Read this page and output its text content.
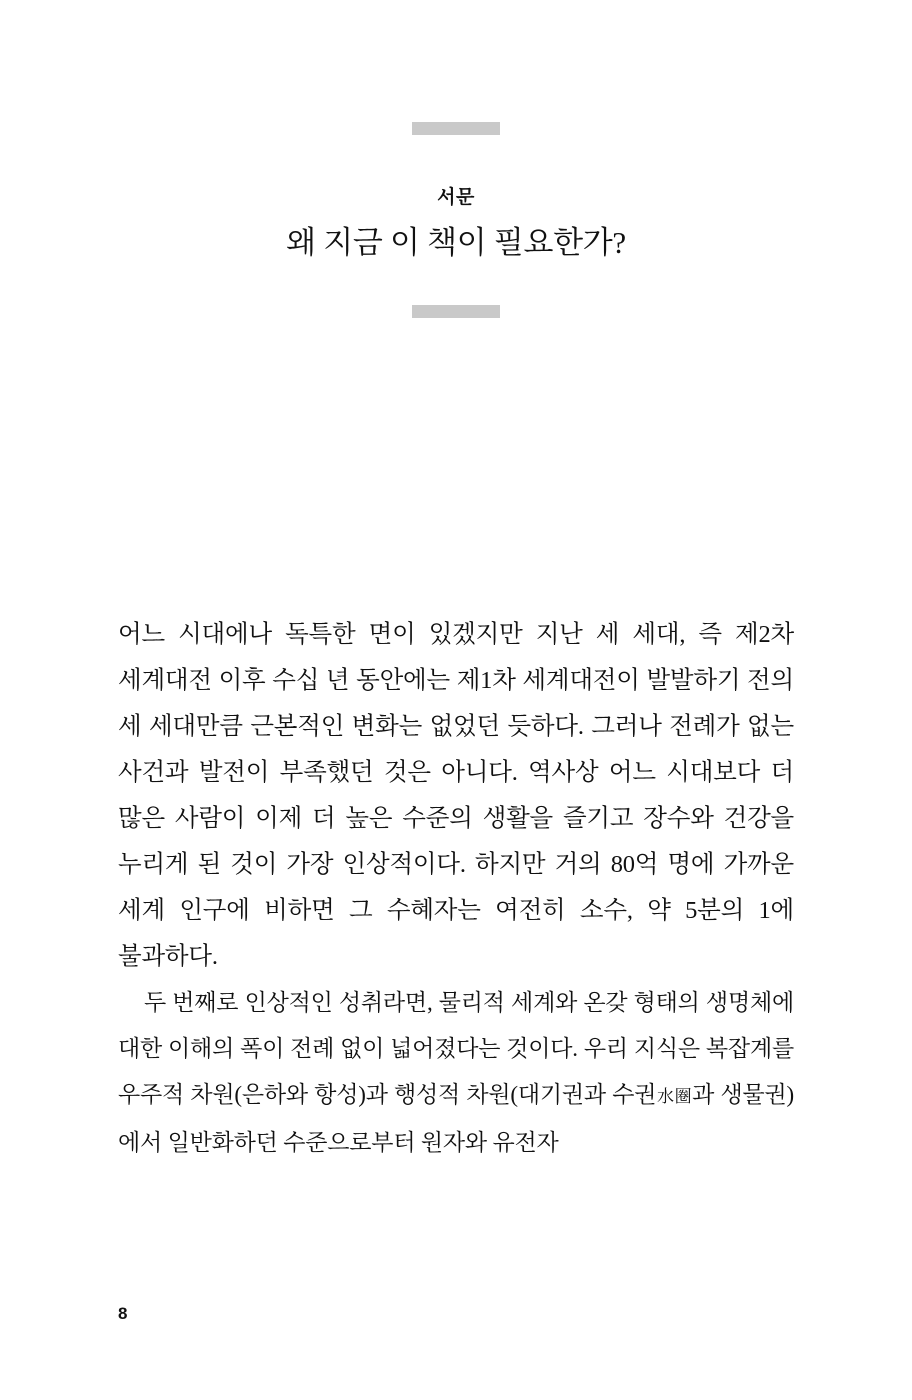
서문
왜 지금 이 책이 필요한가?

어느 시대에나 독특한 면이 있겠지만 지난 세 세대, 즉 제2차 세계대전 이후 수십 년 동안에는 제1차 세계대전이 발발하기 전의 세 세대만큼 근본적인 변화는 없었던 듯하다. 그러나 전례가 없는 사건과 발전이 부족했던 것은 아니다. 역사상 어느 시대보다 더 많은 사람이 이제 더 높은 수준의 생활을 즐기고 장수와 건강을 누리게 된 것이 가장 인상적이다. 하지만 거의 80억 명에 가까운 세계 인구에 비하면 그 수혜자는 여전히 소수, 약 5분의 1에 불과하다.

두 번째로 인상적인 성취라면, 물리적 세계와 온갖 형태의 생명체에 대한 이해의 폭이 전례 없이 넓어졌다는 것이다. 우리 지식은 복잡계를 우주적 차원(은하와 항성)과 행성적 차원(대기권과 수권水圈과 생물권)에서 일반화하던 수준으로부터 원자와 유전자

8
